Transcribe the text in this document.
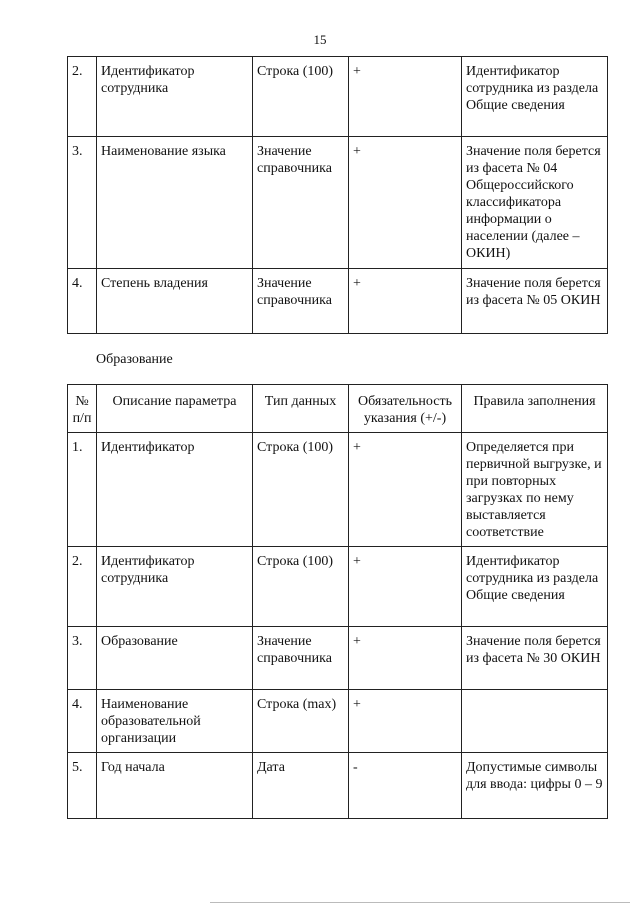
15
2.	Идентификатор сотрудника	Строка (100)	+	Идентификатор сотрудника из раздела Общие сведения
3.	Наименование языка	Значение справочника	+	Значение поля берется из фасета № 04 Общероссийского классификатора информации о населении (далее – ОКИН)
4.	Степень владения	Значение справочника	+	Значение поля берется из фасета № 05 ОКИН
Образование
№ п/п	Описание параметра	Тип данных	Обязательность указания (+/-)	Правила заполнения
1.	Идентификатор	Строка (100)	+	Определяется при первичной выгрузке, и при повторных загрузках по нему выставляется соответствие
2.	Идентификатор сотрудника	Строка (100)	+	Идентификатор сотрудника из раздела Общие сведения
3.	Образование	Значение справочника	+	Значение поля берется из фасета № 30 ОКИН
4.	Наименование образовательной организации	Строка (max)	+	
5.	Год начала	Дата	-	Допустимые символы для ввода: цифры 0 – 9
